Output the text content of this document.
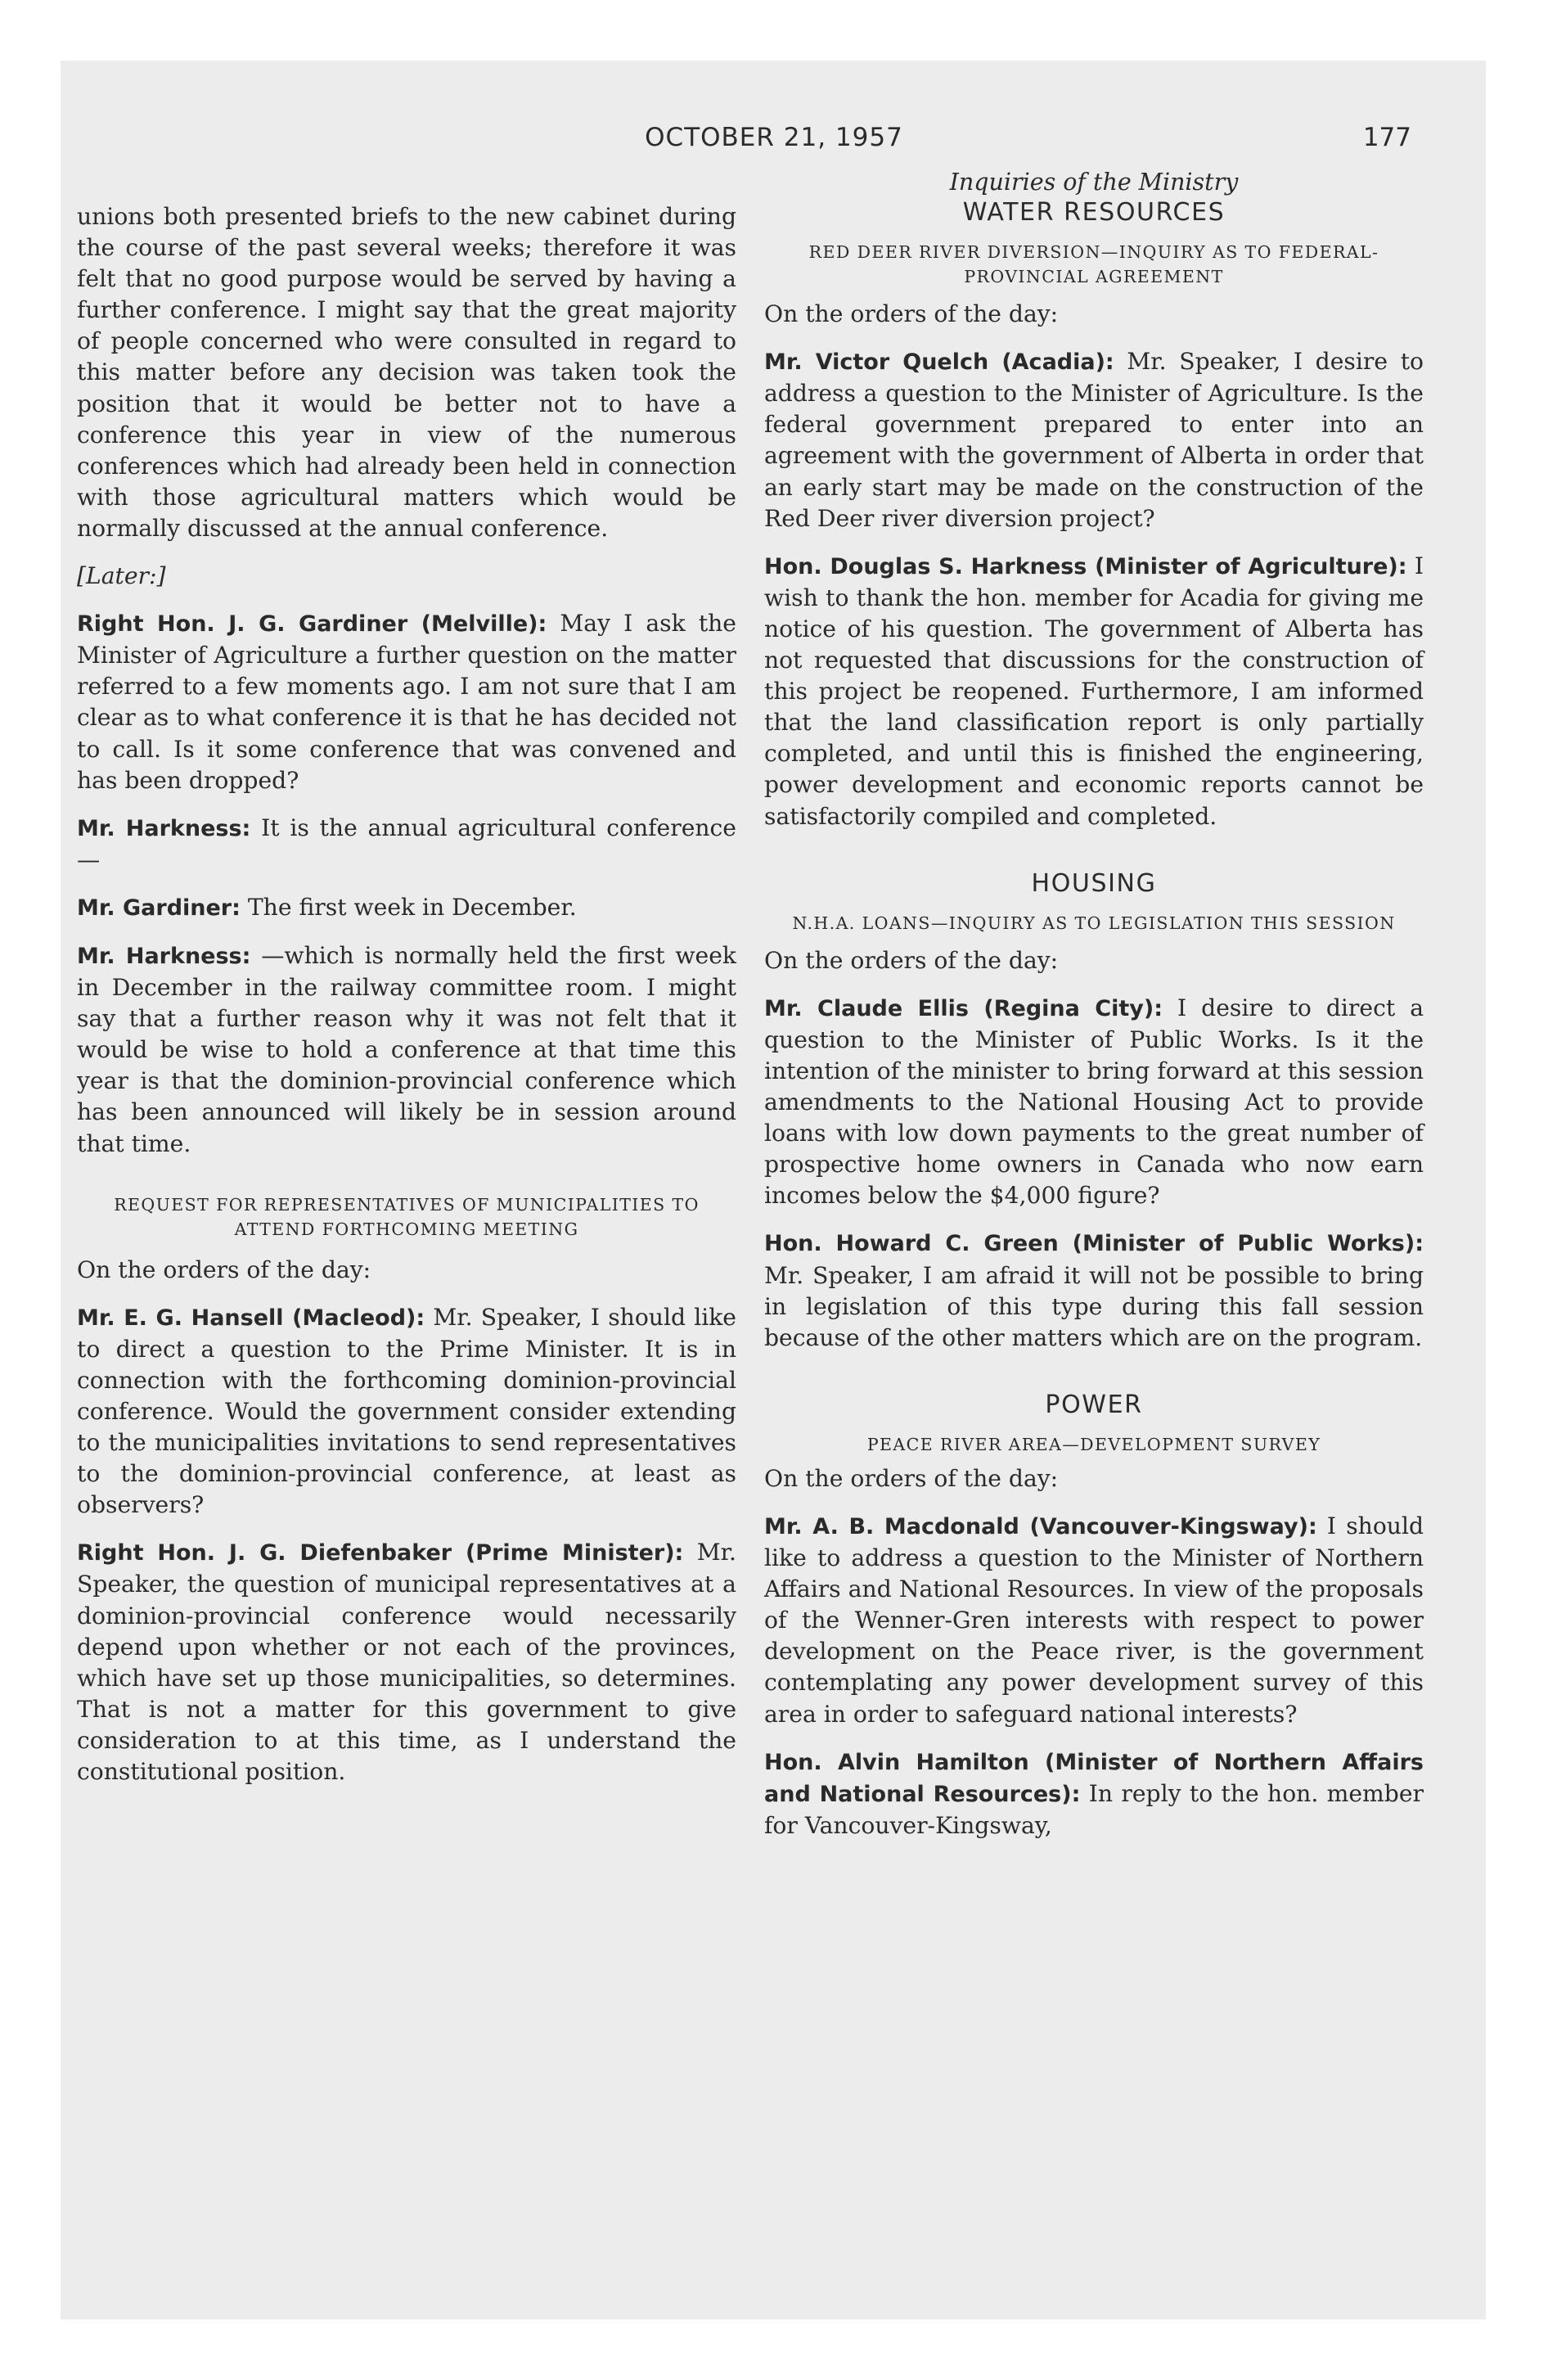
OCTOBER 21, 1957	177

unions both presented briefs to the new cabinet during the course of the past several weeks; therefore it was felt that no good purpose would be served by having a further conference. I might say that the great majority of people concerned who were consulted in regard to this matter before any decision was taken took the position that it would be better not to have a conference this year in view of the numerous conferences which had already been held in connection with those agricultural matters which would be normally discussed at the annual conference.

[Later:]

Right Hon. J. G. Gardiner (Melville): May I ask the Minister of Agriculture a further question on the matter referred to a few moments ago. I am not sure that I am clear as to what conference it is that he has decided not to call. Is it some conference that was convened and has been dropped?

Mr. Harkness: It is the annual agricultural conference—

Mr. Gardiner: The first week in December.

Mr. Harkness: —which is normally held the first week in December in the railway committee room. I might say that a further reason why it was not felt that it would be wise to hold a conference at that time this year is that the dominion-provincial conference which has been announced will likely be in session around that time.

REQUEST FOR REPRESENTATIVES OF MUNICIPALITIES TO ATTEND FORTHCOMING MEETING

On the orders of the day:

Mr. E. G. Hansell (Macleod): Mr. Speaker, I should like to direct a question to the Prime Minister. It is in connection with the forthcoming dominion-provincial conference. Would the government consider extending to the municipalities invitations to send representatives to the dominion-provincial conference, at least as observers?

Right Hon. J. G. Diefenbaker (Prime Minister): Mr. Speaker, the question of municipal representatives at a dominion-provincial conference would necessarily depend upon whether or not each of the provinces, which have set up those municipalities, so determines. That is not a matter for this government to give consideration to at this time, as I understand the constitutional position.

Inquiries of the Ministry

WATER RESOURCES

RED DEER RIVER DIVERSION—INQUIRY AS TO FEDERAL-PROVINCIAL AGREEMENT

On the orders of the day:

Mr. Victor Quelch (Acadia): Mr. Speaker, I desire to address a question to the Minister of Agriculture. Is the federal government prepared to enter into an agreement with the government of Alberta in order that an early start may be made on the construction of the Red Deer river diversion project?

Hon. Douglas S. Harkness (Minister of Agriculture): I wish to thank the hon. member for Acadia for giving me notice of his question. The government of Alberta has not requested that discussions for the construction of this project be reopened. Furthermore, I am informed that the land classification report is only partially completed, and until this is finished the engineering, power development and economic reports cannot be satisfactorily compiled and completed.

HOUSING

N.H.A. LOANS—INQUIRY AS TO LEGISLATION THIS SESSION

On the orders of the day:

Mr. Claude Ellis (Regina City): I desire to direct a question to the Minister of Public Works. Is it the intention of the minister to bring forward at this session amendments to the National Housing Act to provide loans with low down payments to the great number of prospective home owners in Canada who now earn incomes below the $4,000 figure?

Hon. Howard C. Green (Minister of Public Works): Mr. Speaker, I am afraid it will not be possible to bring in legislation of this type during this fall session because of the other matters which are on the program.

POWER

PEACE RIVER AREA—DEVELOPMENT SURVEY

On the orders of the day:

Mr. A. B. Macdonald (Vancouver-Kingsway): I should like to address a question to the Minister of Northern Affairs and National Resources. In view of the proposals of the Wenner-Gren interests with respect to power development on the Peace river, is the government contemplating any power development survey of this area in order to safeguard national interests?

Hon. Alvin Hamilton (Minister of Northern Affairs and National Resources): In reply to the hon. member for Vancouver-Kingsway,
